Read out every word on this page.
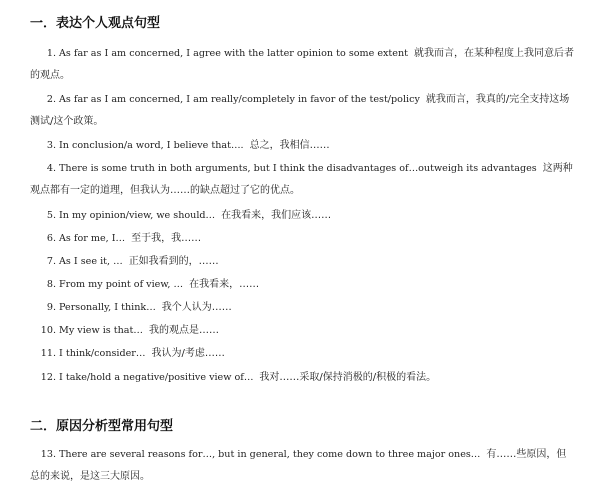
一．表达个人观点句型
1. As far as I am concerned, I agree with the latter opinion to some extent 就我而言，在某种程度上我同意后者的观点。
2. As far as I am concerned, I am really/completely in favor of the test/policy 就我而言，我真的/完全支持这场测试/这个政策。
3. In conclusion/a word, I believe that…. 总之，我相信……
4. There is some truth in both arguments, but I think the disadvantages of…outweigh its advantages 这两种观点都有一定的道理，但我认为……的缺点超过了它的优点。
5. In my opinion/view, we should… 在我看来，我们应该……
6. As for me, I… 至于我，我……
7. As I see it, … 正如我看到的，……
8. From my point of view, … 在我看来，……
9. Personally, I think… 我个人认为……
10. My view is that… 我的观点是……
11. I think/consider… 我认为/考虑……
12. I take/hold a negative/positive view of… 我对……采取/保持消极的/积极的看法。
二．原因分析型常用句型
13. There are several reasons for…, but in general, they come down to three major ones… 有……些原因，但总的来说，是这三大原因。
